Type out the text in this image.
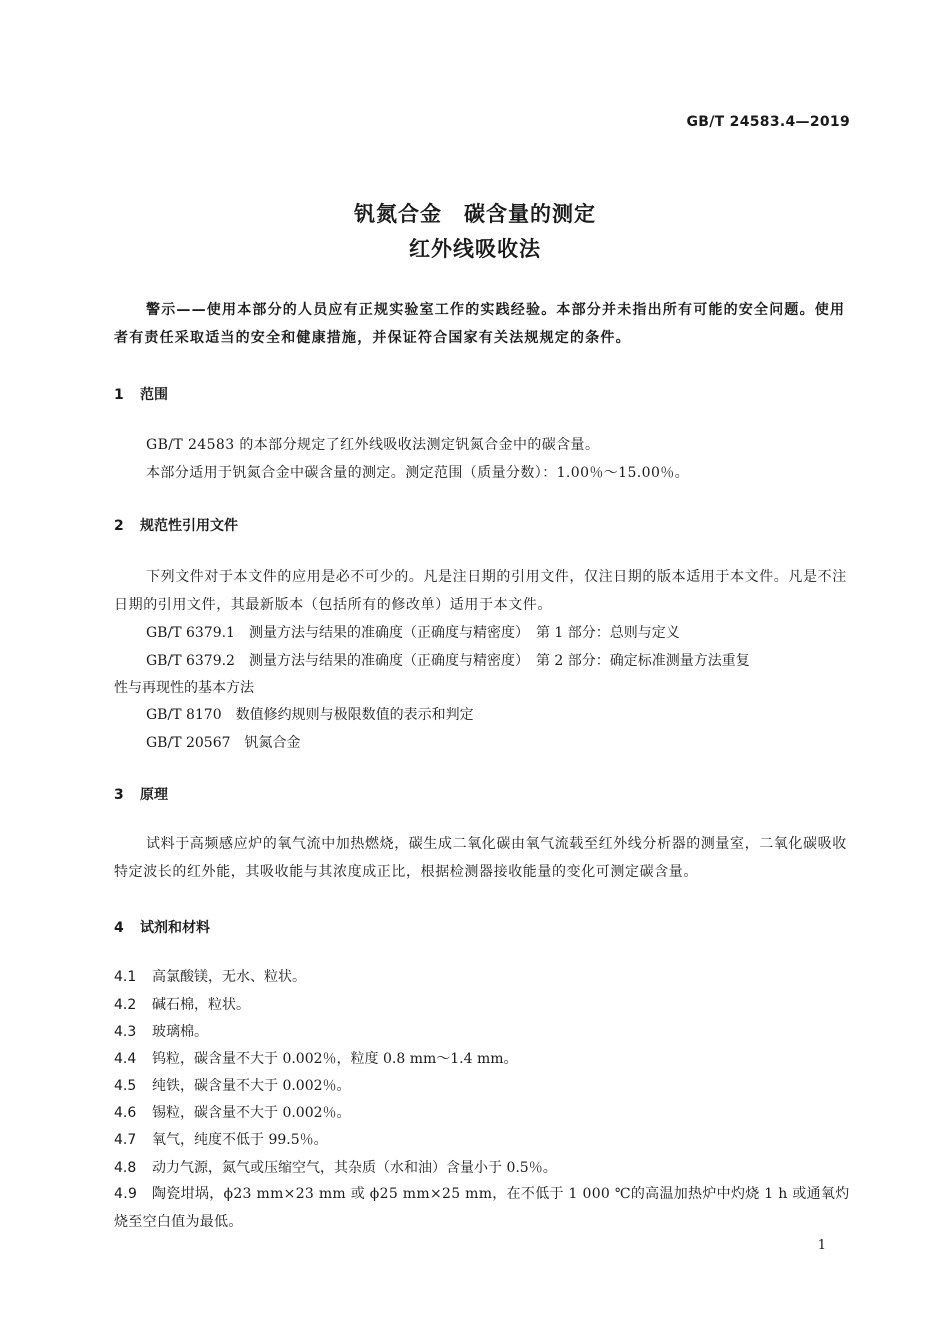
GB/T 24583.4—2019
钒氮合金　碳含量的测定
红外线吸收法
警示——使用本部分的人员应有正规实验室工作的实践经验。本部分并未指出所有可能的安全问题。使用者有责任采取适当的安全和健康措施，并保证符合国家有关法规规定的条件。
1 范围
GB/T 24583 的本部分规定了红外线吸收法测定钒氮合金中的碳含量。
本部分适用于钒氮合金中碳含量的测定。测定范围（质量分数）：1.00％～15.00％。
2 规范性引用文件
下列文件对于本文件的应用是必不可少的。凡是注日期的引用文件，仅注日期的版本适用于本文件。凡是不注日期的引用文件，其最新版本（包括所有的修改单）适用于本文件。
GB/T 6379.1 测量方法与结果的准确度（正确度与精密度）　第 1 部分：总则与定义
GB/T 6379.2 测量方法与结果的准确度（正确度与精密度）　第 2 部分：确定标准测量方法重复
性与再现性的基本方法
GB/T 8170 数值修约规则与极限数值的表示和判定
GB/T 20567 钒氮合金
3 原理
试料于高频感应炉的氧气流中加热燃烧，碳生成二氧化碳由氧气流载至红外线分析器的测量室，二氧化碳吸收特定波长的红外能，其吸收能与其浓度成正比，根据检测器接收能量的变化可测定碳含量。
4 试剂和材料
4.1 高氯酸镁，无水、粒状。
4.2 碱石棉，粒状。
4.3 玻璃棉。
4.4 钨粒，碳含量不大于 0.002％，粒度 0.8 mm～1.4 mm。
4.5 纯铁，碳含量不大于 0.002％。
4.6 锡粒，碳含量不大于 0.002％。
4.7 氧气，纯度不低于 99.5％。
4.8 动力气源，氮气或压缩空气，其杂质（水和油）含量小于 0.5％。
4.9 陶瓷坩埚，ϕ23 mm×23 mm 或 ϕ25 mm×25 mm，在不低于 1 000 ℃的高温加热炉中灼烧 1 h 或通氧灼烧至空白值为最低。
1
